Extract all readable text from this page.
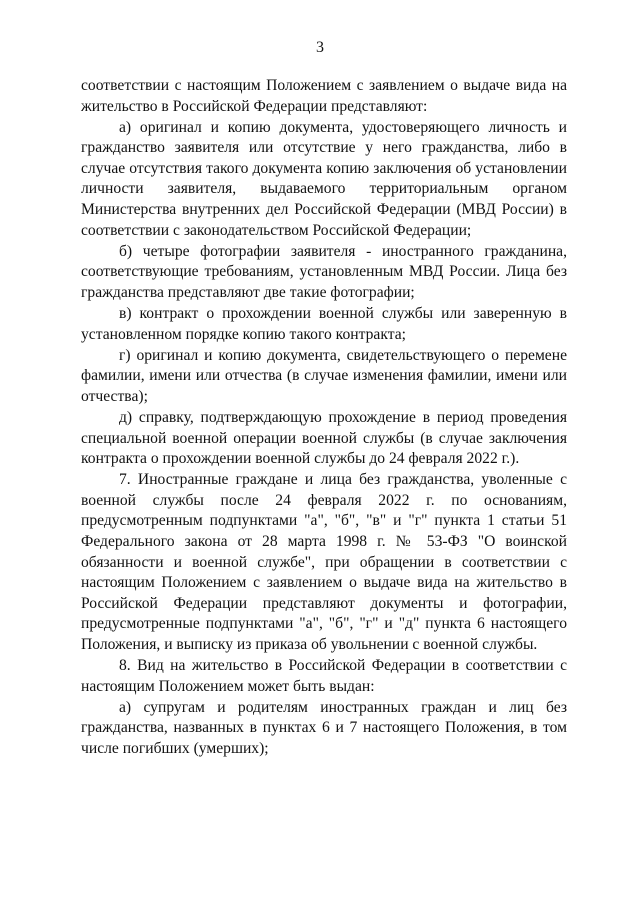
3

соответствии с настоящим Положением с заявлением о выдаче вида на жительство в Российской Федерации представляют:

а) оригинал и копию документа, удостоверяющего личность и гражданство заявителя или отсутствие у него гражданства, либо в случае отсутствия такого документа копию заключения об установлении личности заявителя, выдаваемого территориальным органом Министерства внутренних дел Российской Федерации (МВД России) в соответствии с законодательством Российской Федерации;

б) четыре фотографии заявителя - иностранного гражданина, соответствующие требованиям, установленным МВД России. Лица без гражданства представляют две такие фотографии;

в) контракт о прохождении военной службы или заверенную в установленном порядке копию такого контракта;

г) оригинал и копию документа, свидетельствующего о перемене фамилии, имени или отчества (в случае изменения фамилии, имени или отчества);

д) справку, подтверждающую прохождение в период проведения специальной военной операции военной службы (в случае заключения контракта о прохождении военной службы до 24 февраля 2022 г.).

7. Иностранные граждане и лица без гражданства, уволенные с военной службы после 24 февраля 2022 г. по основаниям, предусмотренным подпунктами "а", "б", "в" и "г" пункта 1 статьи 51 Федерального закона от 28 марта 1998 г. № 53-ФЗ "О воинской обязанности и военной службе", при обращении в соответствии с настоящим Положением с заявлением о выдаче вида на жительство в Российской Федерации представляют документы и фотографии, предусмотренные подпунктами "а", "б", "г" и "д" пункта 6 настоящего Положения, и выписку из приказа об увольнении с военной службы.

8. Вид на жительство в Российской Федерации в соответствии с настоящим Положением может быть выдан:

а) супругам и родителям иностранных граждан и лиц без гражданства, названных в пунктах 6 и 7 настоящего Положения, в том числе погибших (умерших);
